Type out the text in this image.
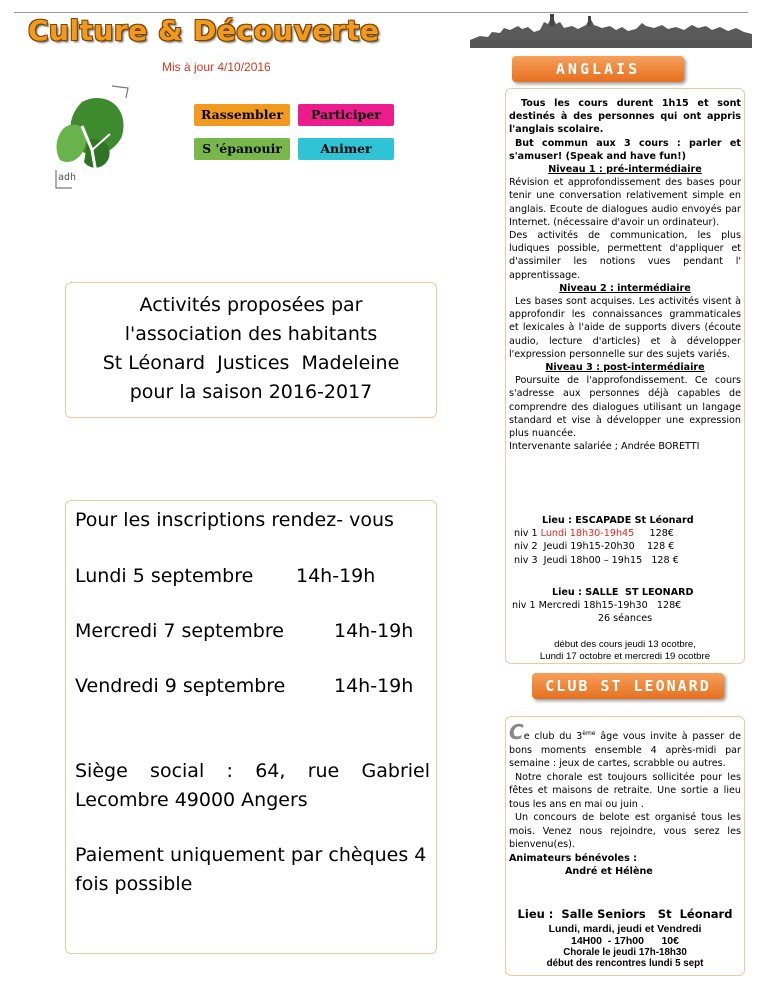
Culture & Découverte
Mis à jour 4/10/2016
adh
Rassembler	Participer
S 'épanouir	Animer
Activités proposées par
l'association des habitants
St Léonard  Justices  Madeleine
pour la saison 2016-2017
Pour les inscriptions rendez- vous
Lundi 5 septembre 14h-19h
Mercredi 7 septembre	14h-19h
Vendredi 9 septembre	14h-19h
Siège social : 64, rue Gabriel Lecombre 49000 Angers
Paiement uniquement par chèques 4 fois possible
ANGLAIS
Tous les cours durent 1h15 et sont destinés à des personnes qui ont appris l'anglais scolaire.
But commun aux 3 cours : parler et s'amuser! (Speak and have fun!)
Niveau 1 : pré-intermédiaire
Révision et approfondissement des bases pour tenir une conversation relativement simple en anglais. Ecoute de dialogues audio envoyés par Internet. (nécessaire d'avoir un ordinateur).
Des activités de communication, les plus ludiques possible, permettent d'appliquer et d'assimiler les notions vues pendant l' apprentissage.
Niveau 2 : intermédiaire
Les bases sont acquises. Les activités visent à approfondir les connaissances grammaticales et lexicales à l'aide de supports divers (écoute audio, lecture d'articles) et à développer l'expression personnelle sur des sujets variés.
Niveau 3 : post-intermédiaire
Poursuite de l'approfondissement. Ce cours s'adresse aux personnes déjà capables de comprendre des dialogues utilisant un langage standard et vise à développer une expression plus nuancée.
Intervenante salariée ; Andrée BORETTI
Lieu : ESCAPADE St Léonard
niv 1 Lundi 18h30-19h45 128€
niv 2  Jeudi 19h15-20h30    128 €
niv 3  Jeudi 18h00 – 19h15   128 €
Lieu : SALLE  ST LEONARD
niv 1 Mercredi 18h15-19h30   128€
26 séances
début des cours jeudi 13 ocotbre,
Lundi 17 octobre et mercredi 19 ocotbre
CLUB ST LEONARD
Ce club du 3ème âge vous invite à passer de bons moments ensemble 4 après-midi par semaine : jeux de cartes, scrabble ou autres.
Notre chorale est toujours sollicitée pour les fêtes et maisons de retraite. Une sortie a lieu tous les ans en mai ou juin .
Un concours de belote est organisé tous les mois. Venez nous rejoindre, vous serez les bienvenu(es).
Animateurs bénévoles :
André et Hélène
Lieu :  Salle Seniors   St  Léonard
Lundi, mardi, jeudi et Vendredi
14H00  - 17h00      10€
Chorale le jeudi 17h-18h30
début des rencontres lundi 5 sept
